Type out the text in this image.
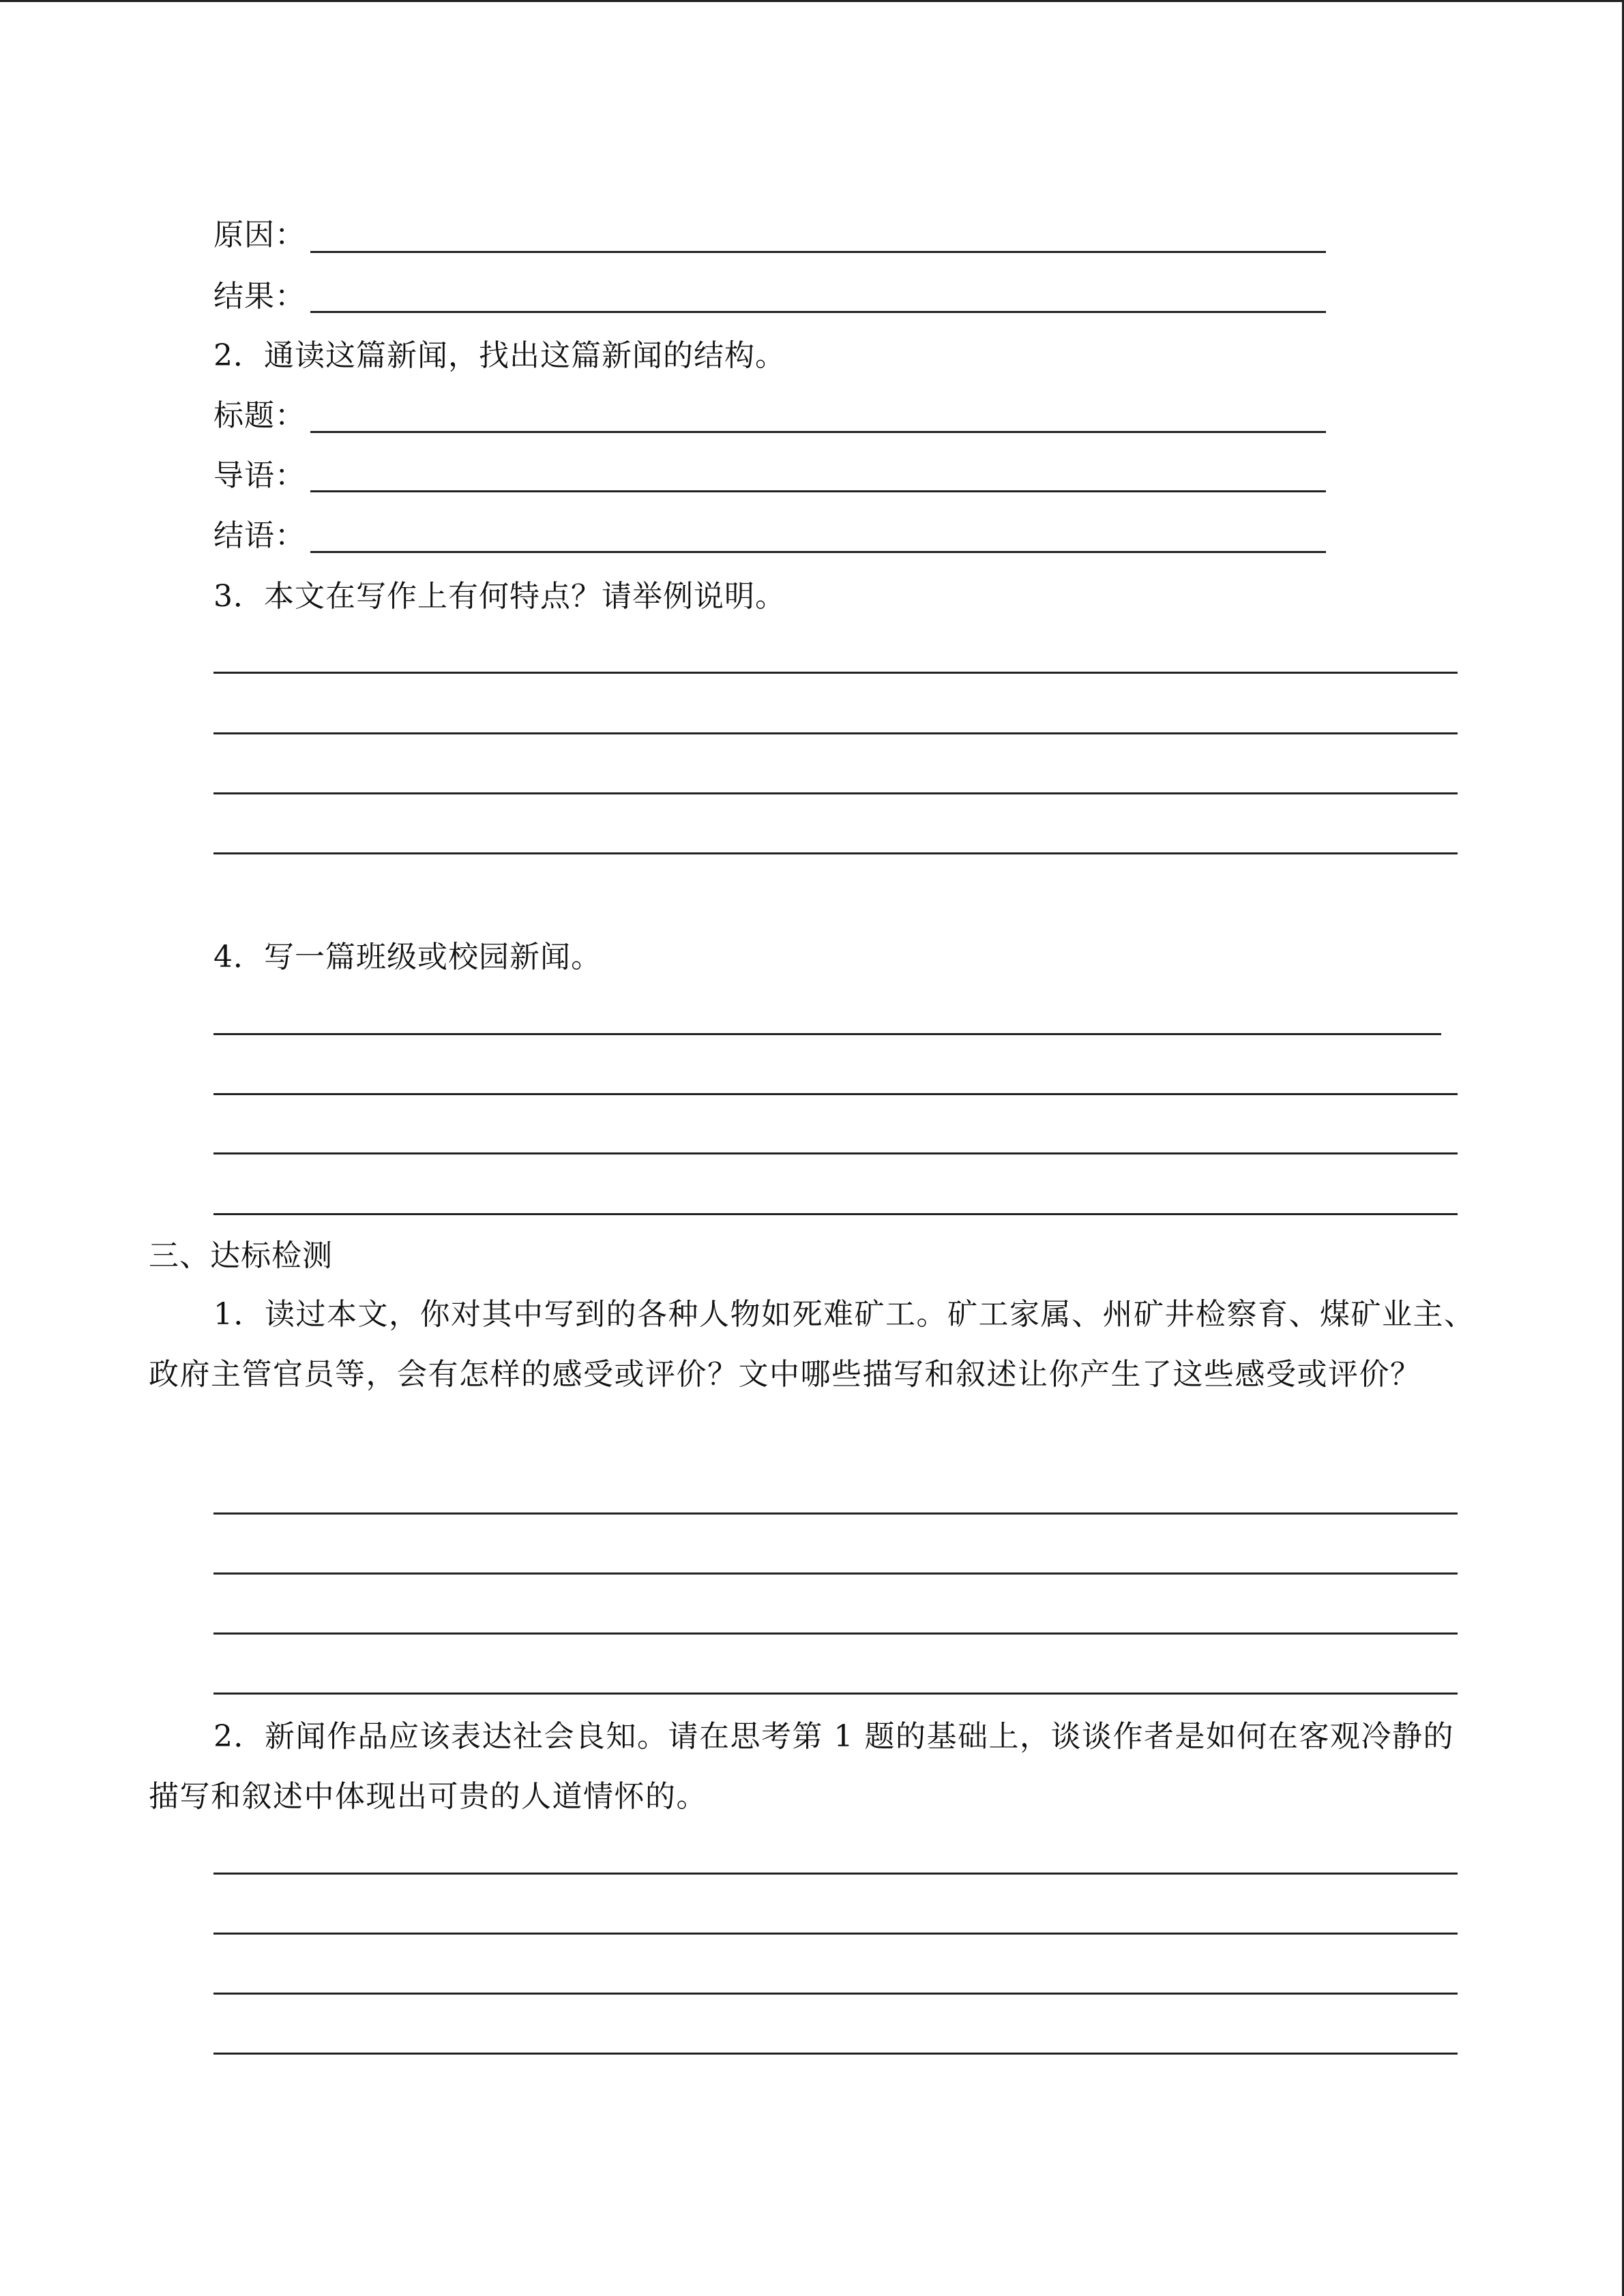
原因：
结果：
2．通读这篇新闻，找出这篇新闻的结构。
标题：
导语：
结语：
3．本文在写作上有何特点？请举例说明。
4．写一篇班级或校园新闻。
三、达标检测
1．读过本文，你对其中写到的各种人物如死难矿工。矿工家属、州矿井检察育、煤矿业主、政府主管官员等，会有怎样的感受或评价？文中哪些描写和叙述让你产生了这些感受或评价？
2．新闻作品应该表达社会良知。请在思考第 1 题的基础上，谈谈作者是如何在客观冷静的描写和叙述中体现出可贵的人道情怀的。
